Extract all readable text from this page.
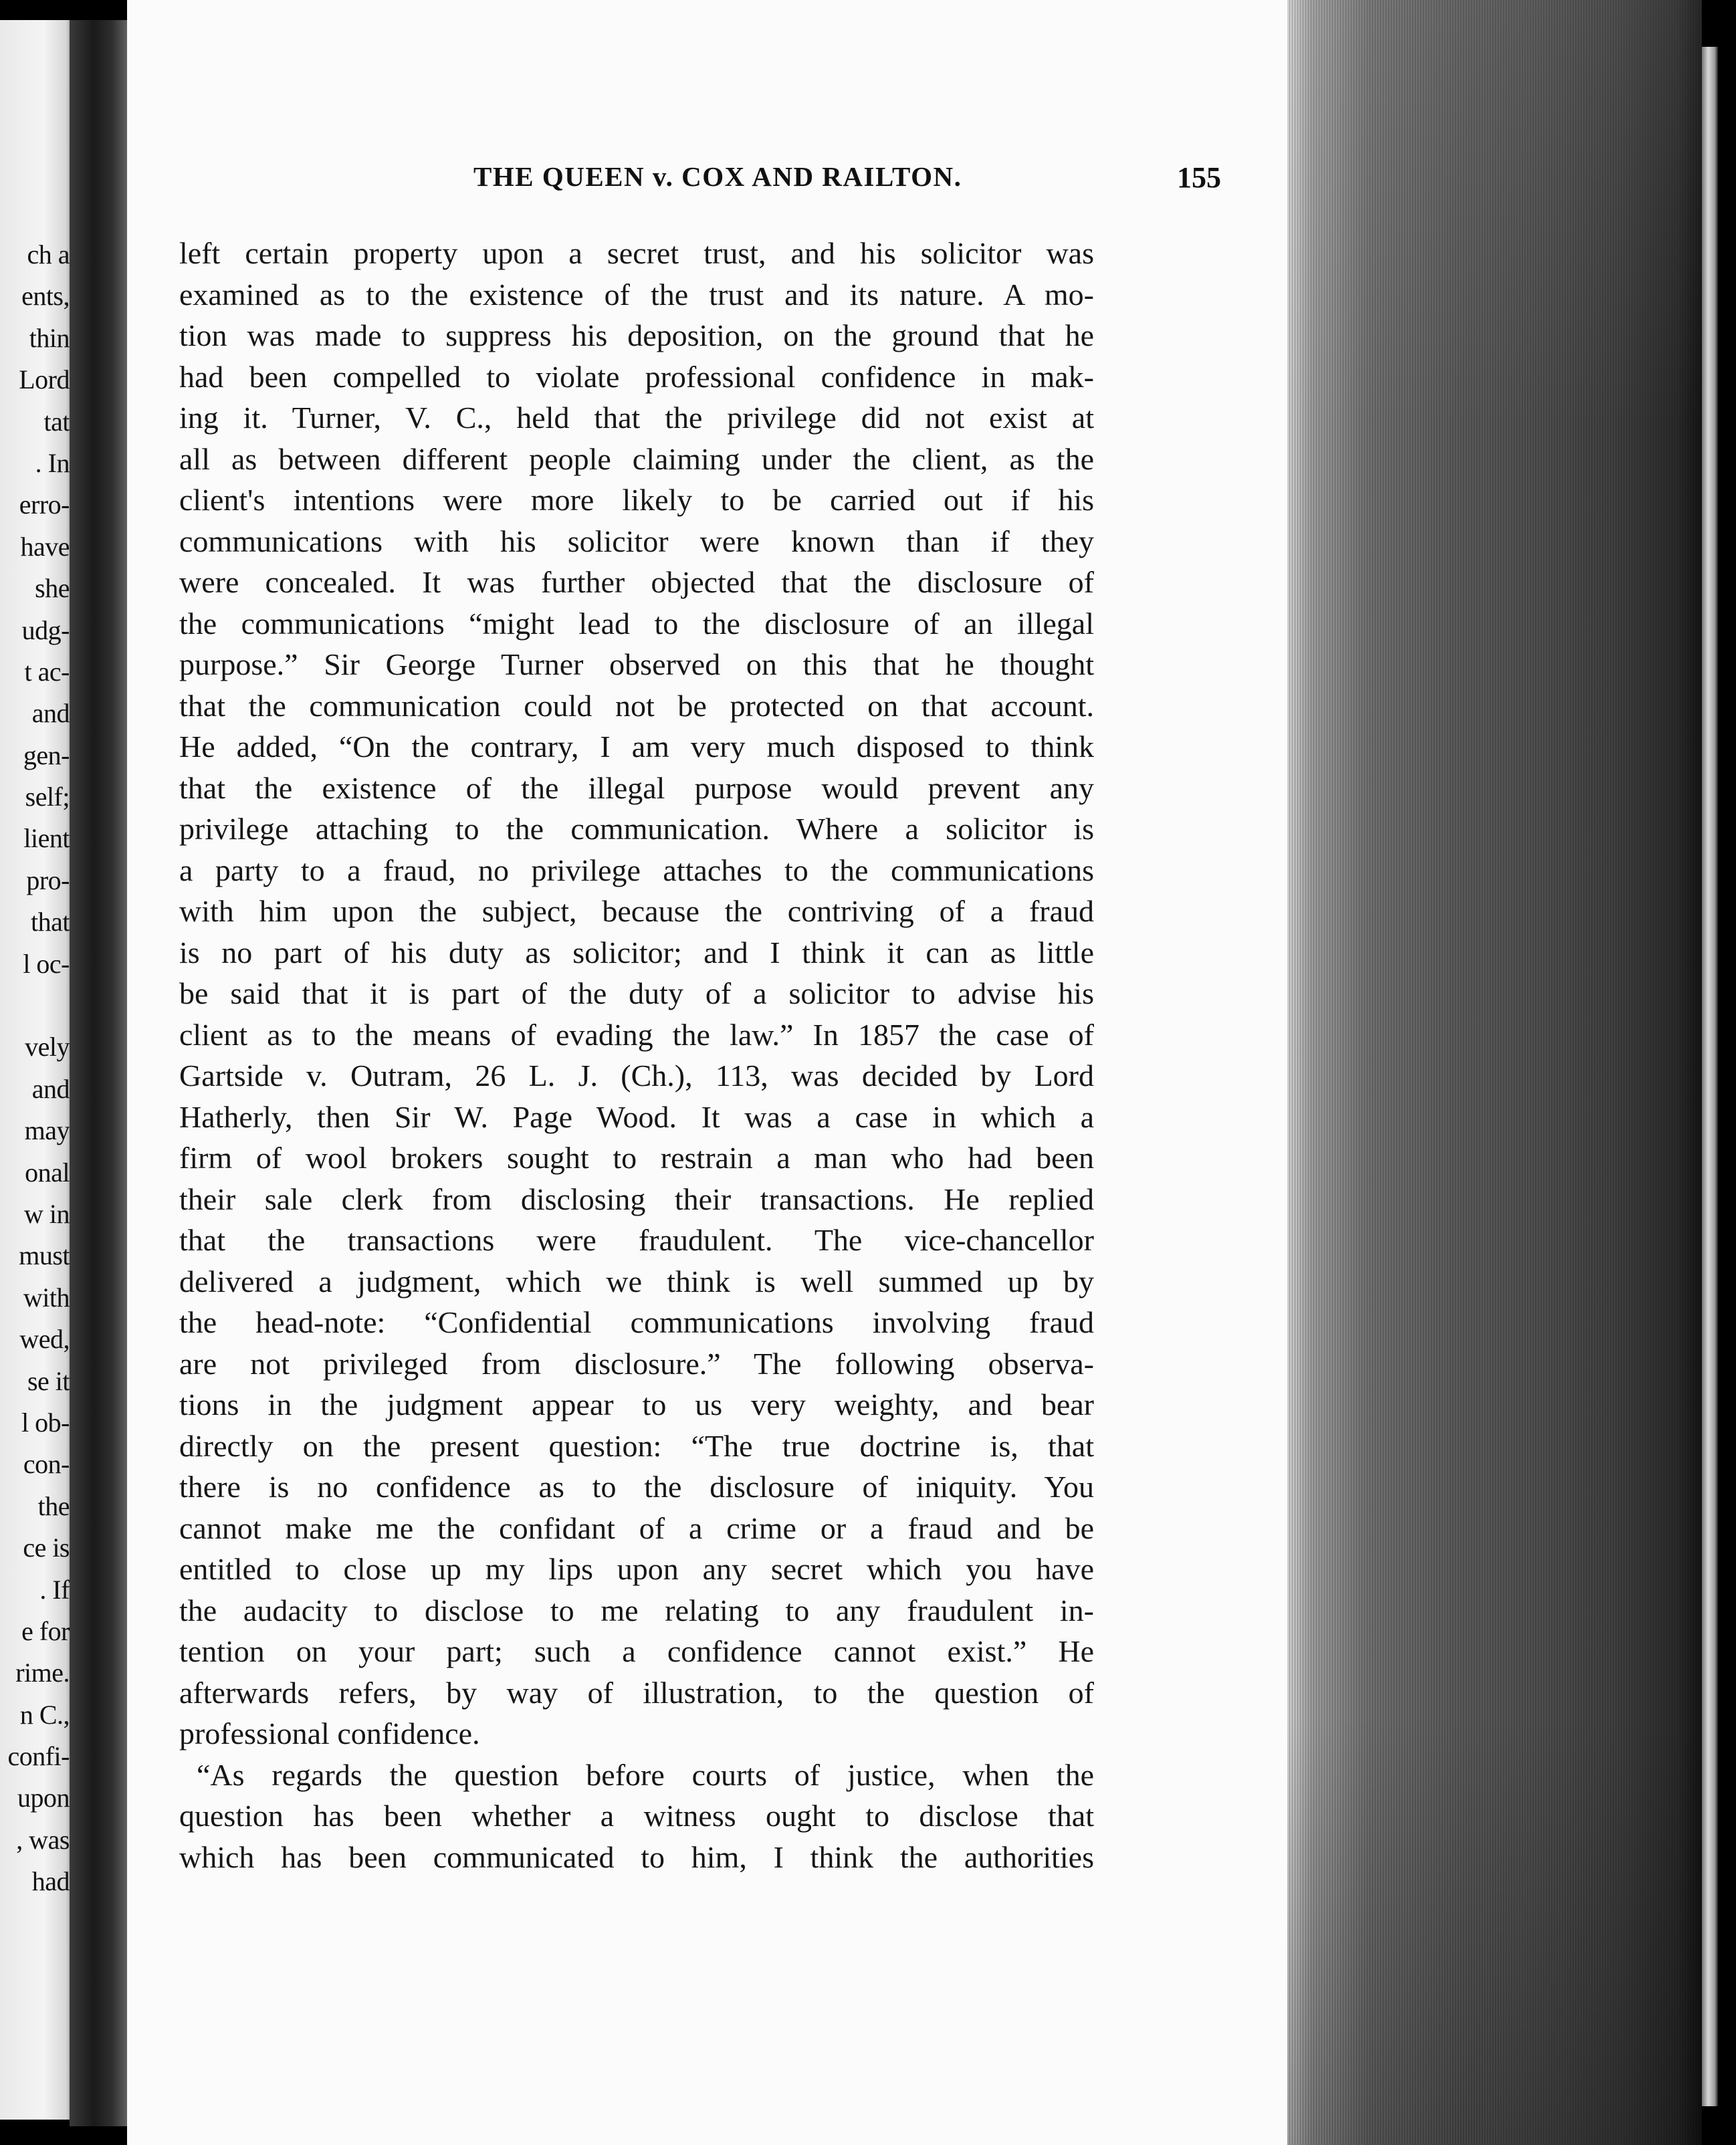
ch a
ents,
thin
Lord
tat
. In
erro-
have
she
udg-
t ac-
and
gen-
self;
lient
pro-
that
l oc-
vely
and
may
onal
w in
must
with
wed,
se it
l ob-
con-
the
ce is
. If
e for
rime.
n C.,
confi-
upon
, was
had
THE QUEEN v. COX AND RAILTON.	155
left certain property upon a secret trust, and his solicitor was
examined as to the existence of the trust and its nature. A mo-
tion was made to suppress his deposition, on the ground that he
had been compelled to violate professional confidence in mak-
ing it. Turner, V. C., held that the privilege did not exist at
all as between different people claiming under the client, as the
client's intentions were more likely to be carried out if his
communications with his solicitor were known than if they
were concealed. It was further objected that the disclosure of
the communications “might lead to the disclosure of an illegal
purpose.” Sir George Turner observed on this that he thought
that the communication could not be protected on that account.
He added, “On the contrary, I am very much disposed to think
that the existence of the illegal purpose would prevent any
privilege attaching to the communication. Where a solicitor is
a party to a fraud, no privilege attaches to the communications
with him upon the subject, because the contriving of a fraud
is no part of his duty as solicitor; and I think it can as little
be said that it is part of the duty of a solicitor to advise his
client as to the means of evading the law.” In 1857 the case of
Gartside v. Outram, 26 L. J. (Ch.), 113, was decided by Lord
Hatherly, then Sir W. Page Wood. It was a case in which a
firm of wool brokers sought to restrain a man who had been
their sale clerk from disclosing their transactions. He replied
that the transactions were fraudulent. The vice-chancellor
delivered a judgment, which we think is well summed up by
the head-note: “Confidential communications involving fraud
are not privileged from disclosure.” The following observa-
tions in the judgment appear to us very weighty, and bear
directly on the present question: “The true doctrine is, that
there is no confidence as to the disclosure of iniquity. You
cannot make me the confidant of a crime or a fraud and be
entitled to close up my lips upon any secret which you have
the audacity to disclose to me relating to any fraudulent in-
tention on your part; such a confidence cannot exist.” He
afterwards refers, by way of illustration, to the question of
professional confidence.
“As regards the question before courts of justice, when the
question has been whether a witness ought to disclose that
which has been communicated to him, I think the authorities
